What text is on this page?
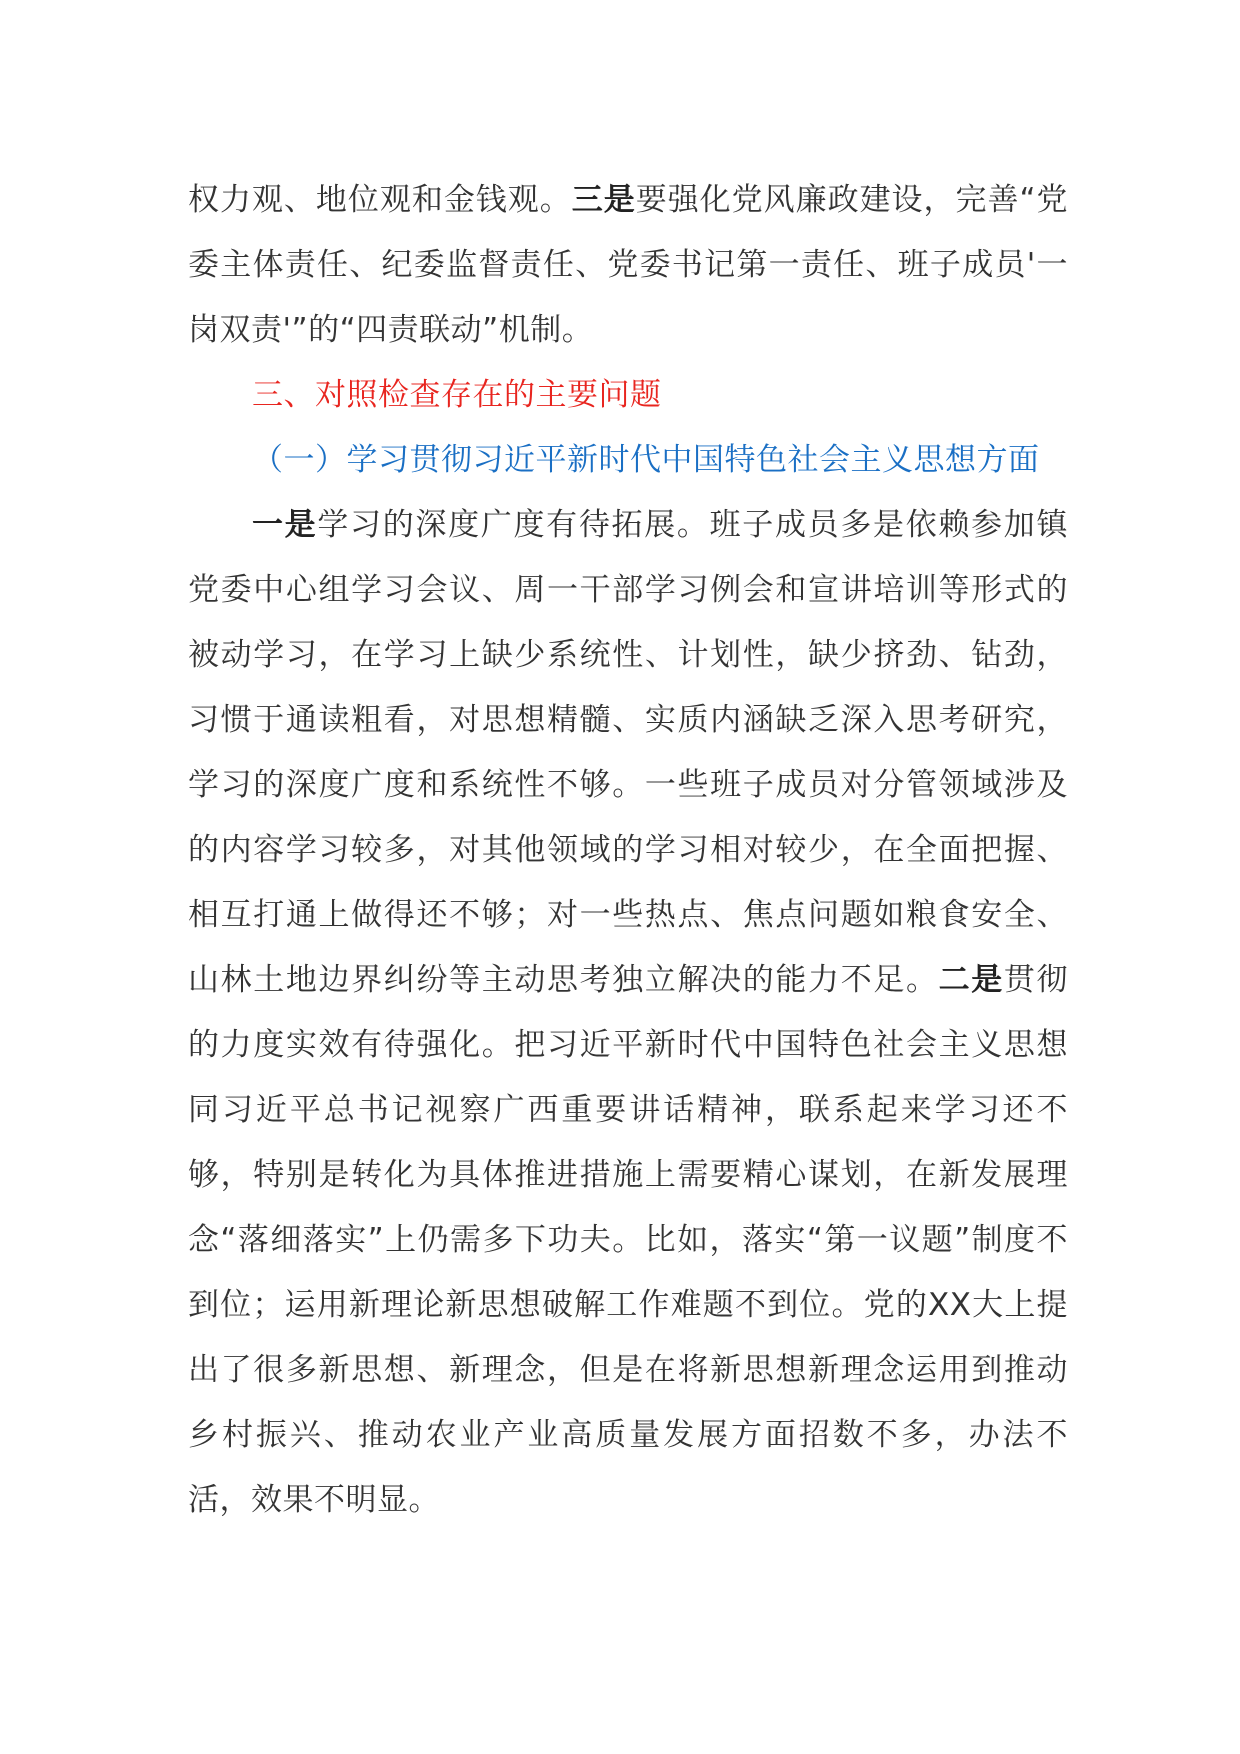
权力观、地位观和金钱观。三是要强化党风廉政建设，完善“党委主体责任、纪委监督责任、党委书记第一责任、班子成员'一岗双责'”的“四责联动”机制。

三、对照检查存在的主要问题

（一）学习贯彻习近平新时代中国特色社会主义思想方面

一是学习的深度广度有待拓展。班子成员多是依赖参加镇党委中心组学习会议、周一干部学习例会和宣讲培训等形式的被动学习，在学习上缺少系统性、计划性，缺少挤劲、钻劲，习惯于通读粗看，对思想精髓、实质内涵缺乏深入思考研究，学习的深度广度和系统性不够。一些班子成员对分管领域涉及的内容学习较多，对其他领域的学习相对较少，在全面把握、相互打通上做得还不够；对一些热点、焦点问题如粮食安全、山林土地边界纠纷等主动思考独立解决的能力不足。二是贯彻的力度实效有待强化。把习近平新时代中国特色社会主义思想同习近平总书记视察广西重要讲话精神，联系起来学习还不够，特别是转化为具体推进措施上需要精心谋划，在新发展理念“落细落实”上仍需多下功夫。比如，落实“第一议题”制度不到位；运用新理论新思想破解工作难题不到位。党的XX大上提出了很多新思想、新理念，但是在将新思想新理念运用到推动乡村振兴、推动农业产业高质量发展方面招数不多，办法不活，效果不明显。
